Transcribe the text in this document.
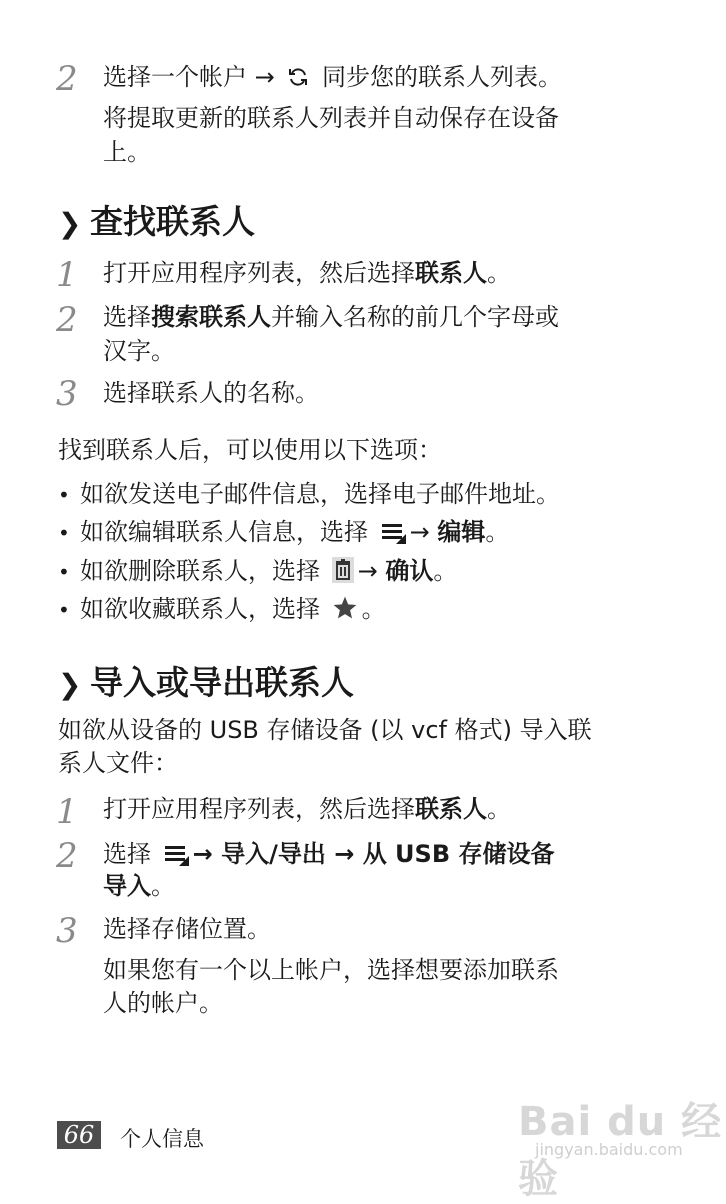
2 选择一个帐户 → 同步您的联系人列表。
将提取更新的联系人列表并自动保存在设备
上。
❯ 查找联系人
1 打开应用程序列表，然后选择联系人。
2 选择搜索联系人并输入名称的前几个字母或
汉字。
3 选择联系人的名称。
找到联系人后，可以使用以下选项：
• 如欲发送电子邮件信息，选择电子邮件地址。
• 如欲编辑联系人信息，选择 → 编辑。
• 如欲删除联系人，选择 → 确认。
• 如欲收藏联系人，选择 。
❯ 导入或导出联系人
如欲从设备的 USB 存储设备 (以 vcf 格式) 导入联
系人文件：
1 打开应用程序列表，然后选择联系人。
2 选择 → 导入/导出 → 从 USB 存储设备
导入。
3 选择存储位置。
如果您有一个以上帐户，选择想要添加联系
人的帐户。
66	个人信息	Bai du 经验
jingyan.baidu.com
